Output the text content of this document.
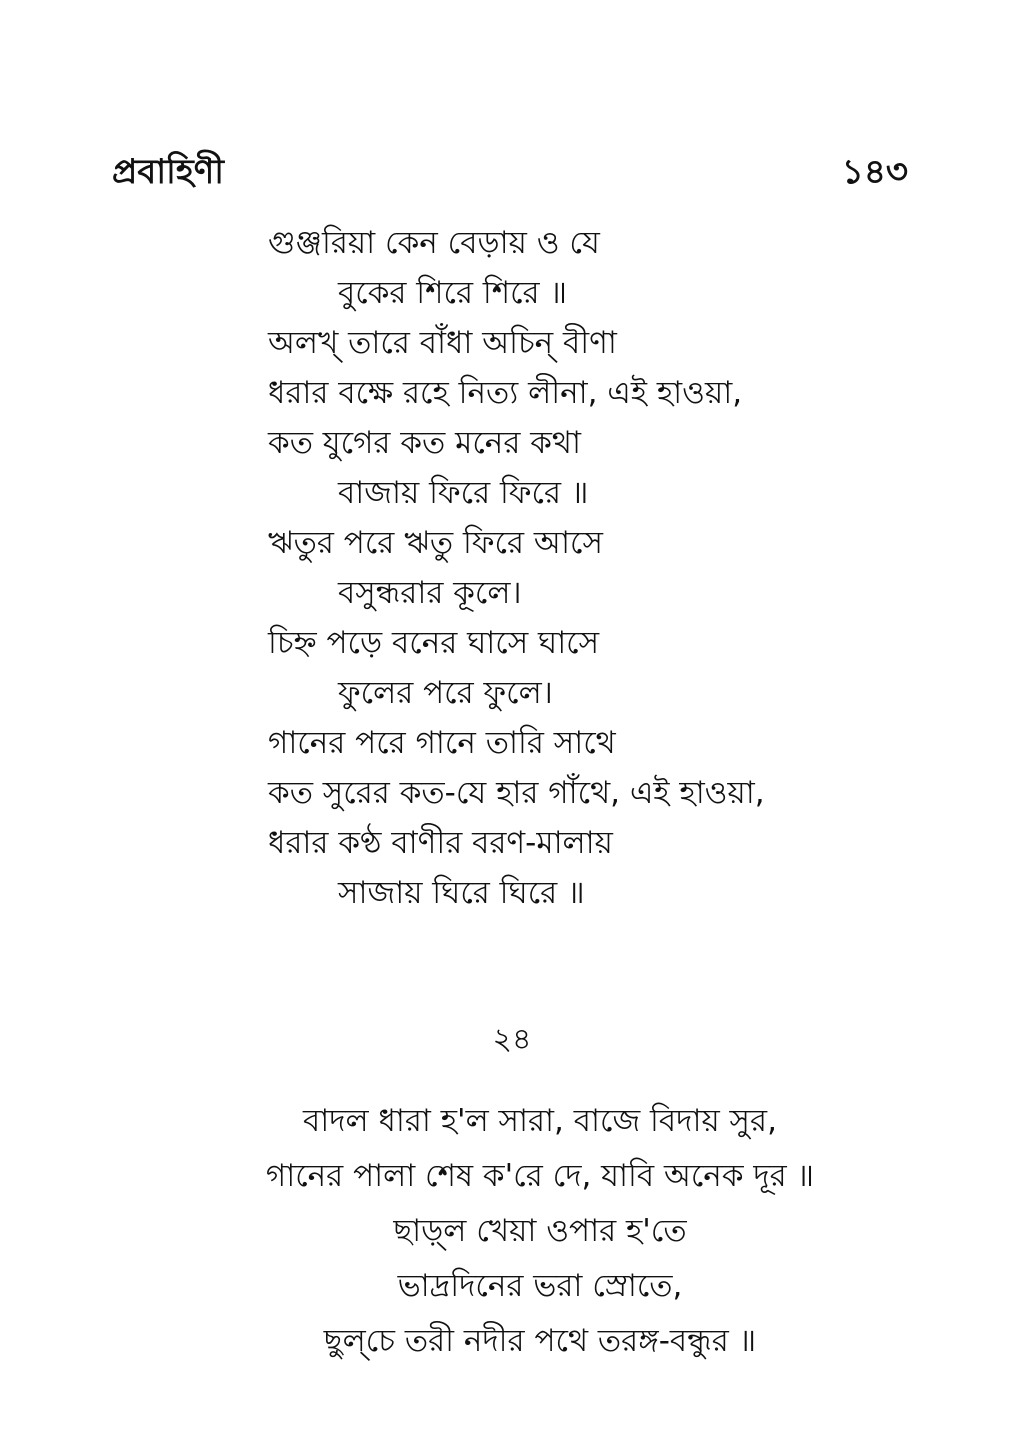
প্রবাহিণী	১৪৩
গুঞ্জরিয়া কেন বেড়ায় ও যে
বুকের শিরে শিরে ॥
অলখ্‌ তারে বাঁধা অচিন্‌ বীণা
ধরার বক্ষে রহে নিত্য লীনা, এই হাওয়া,
কত যুগের কত মনের কথা
বাজায় ফিরে ফিরে ॥
ঋতুর পরে ঋতু ফিরে আসে
বসুন্ধরার কূলে।
চিহ্ন পড়ে বনের ঘাসে ঘাসে
ফুলের পরে ফুলে।
গানের পরে গানে তারি সাথে
কত সুরের কত-যে হার গাঁথে, এই হাওয়া,
ধরার কণ্ঠ বাণীর বরণ-মালায়
সাজায় ঘিরে ঘিরে ॥
২৪
বাদল ধারা হ'ল সারা, বাজে বিদায় সুর,
গানের পালা শেষ ক'রে দে, যাবি অনেক দূর ॥
ছাড়্‌ল খেয়া ওপার হ'তে
ভাদ্রদিনের ভরা স্রোতে,
ছুল্‌চে তরী নদীর পথে তরঙ্গ-বন্ধুর ॥
